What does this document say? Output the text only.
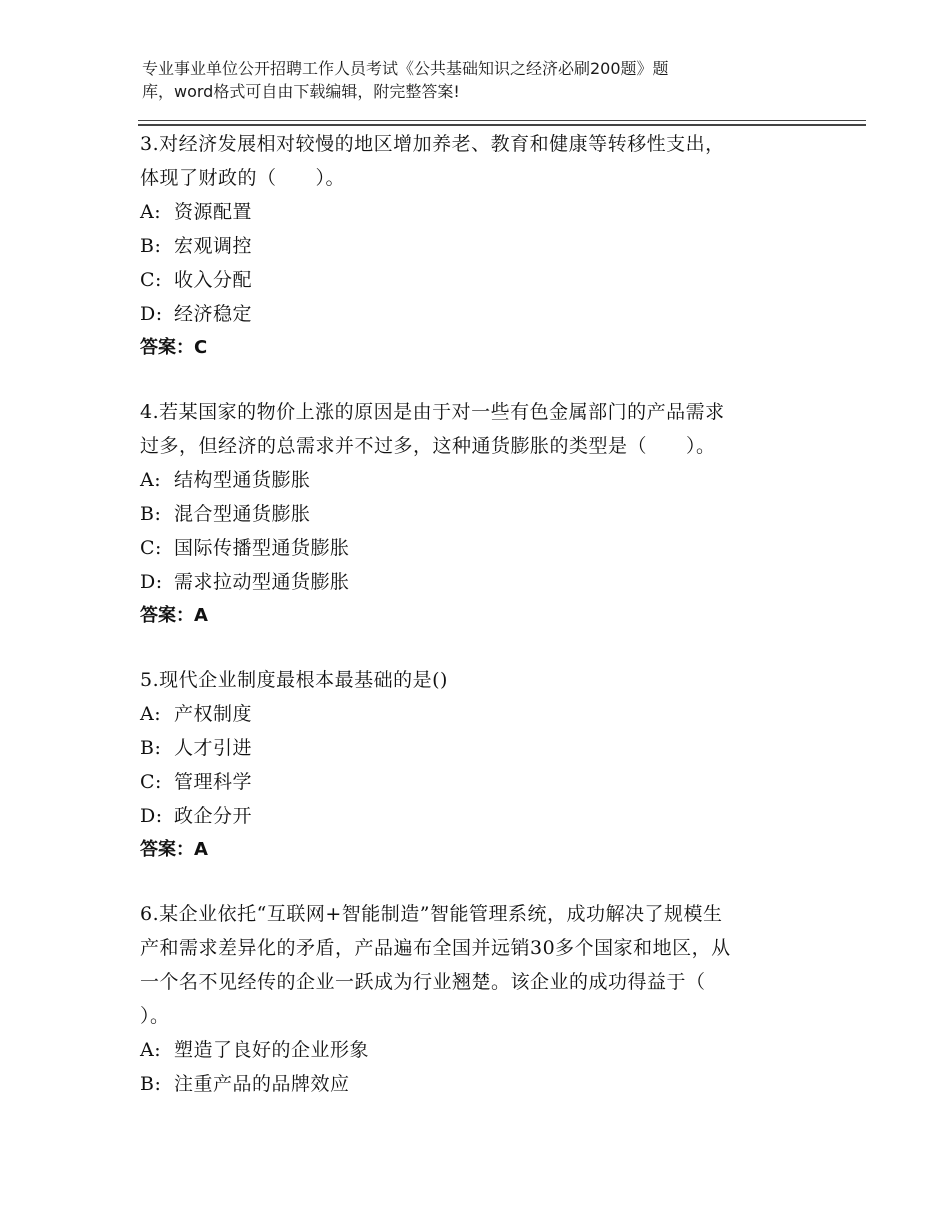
专业事业单位公开招聘工作人员考试《公共基础知识之经济必刷200题》题
库，word格式可自由下载编辑，附完整答案!
3.对经济发展相对较慢的地区增加养老、教育和健康等转移性支出，
体现了财政的（　　）。
A: 资源配置
B: 宏观调控
C: 收入分配
D: 经济稳定
答案：C
4.若某国家的物价上涨的原因是由于对一些有色金属部门的产品需求
过多，但经济的总需求并不过多，这种通货膨胀的类型是（　　）。
A: 结构型通货膨胀
B: 混合型通货膨胀
C: 国际传播型通货膨胀
D: 需求拉动型通货膨胀
答案：A
5.现代企业制度最根本最基础的是()
A: 产权制度
B: 人才引进
C: 管理科学
D: 政企分开
答案：A
6.某企业依托“互联网+智能制造”智能管理系统，成功解决了规模生
产和需求差异化的矛盾，产品遍布全国并远销30多个国家和地区，从
一个名不见经传的企业一跃成为行业翘楚。该企业的成功得益于（
）。
A: 塑造了良好的企业形象
B: 注重产品的品牌效应
